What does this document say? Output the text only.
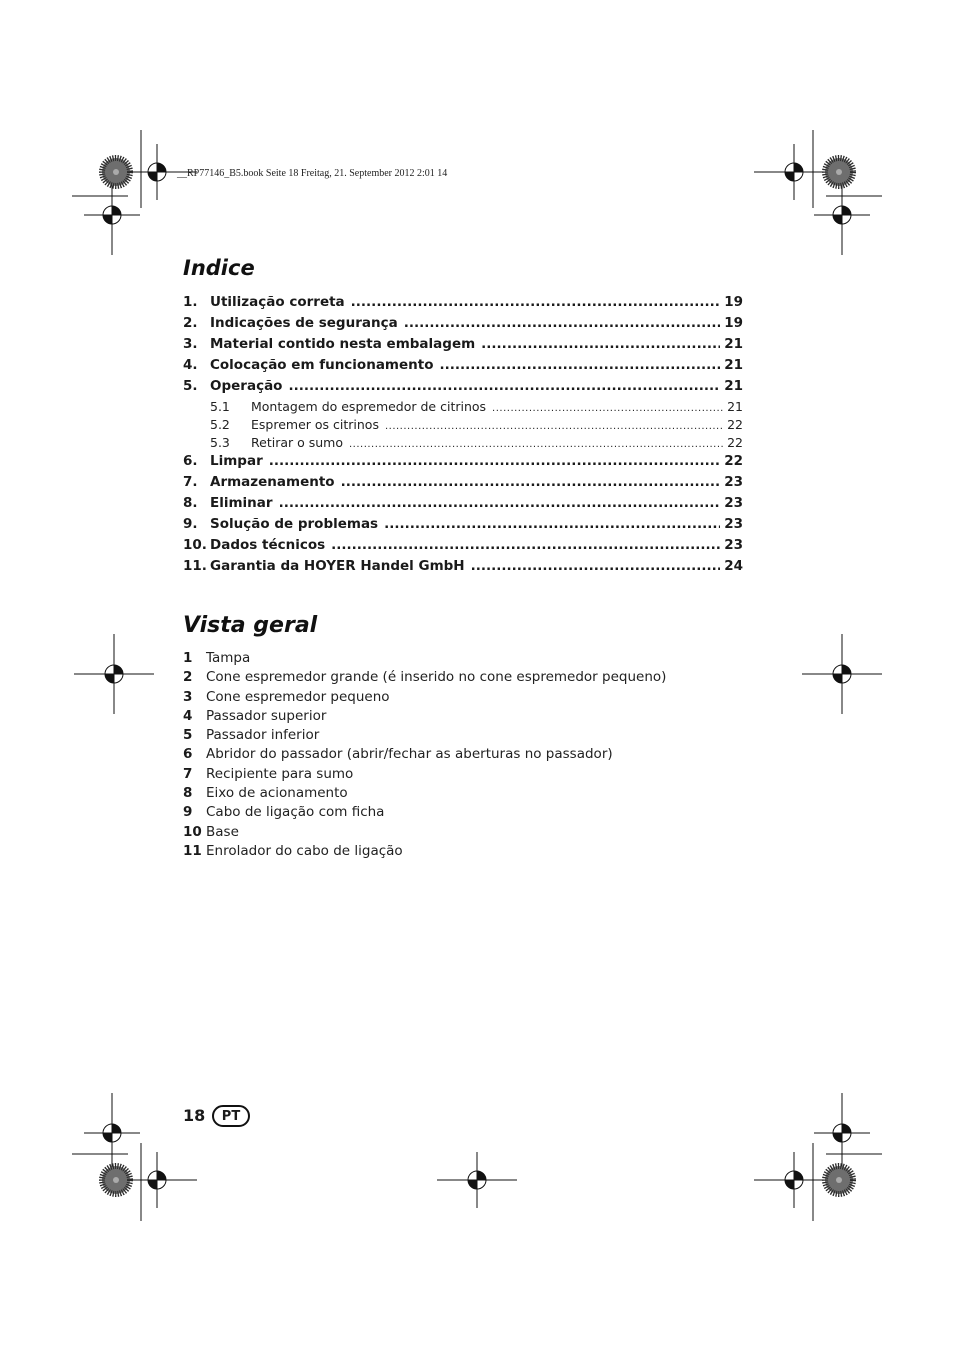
__RP77146_B5.book Seite 18 Freitag, 21. September 2012 2:01 14
Indice
1. Utilização correta .....	19
2. Indicações de segurança .....	19
3. Material contido nesta embalagem .....	21
4. Colocação em funcionamento .....	21
5. Operação .....	21
5.1	Montagem do espremedor de citrinos .....	21
5.2	Espremer os citrinos .....	22
5.3	Retirar o sumo .....	22
6. Limpar .....	22
7. Armazenamento .....	23
8. Eliminar .....	23
9. Solução de problemas .....	23
10. Dados técnicos .....	23
11. Garantia da HOYER Handel GmbH .....	24
Vista geral
1	Tampa
2	Cone espremedor grande (é inserido no cone espremedor pequeno)
3	Cone espremedor pequeno
4	Passador superior
5	Passador inferior
6	Abridor do passador (abrir/fechar as aberturas no passador)
7	Recipiente para sumo
8	Eixo de acionamento
9	Cabo de ligação com ficha
10 Base
11 Enrolador do cabo de ligação
18	PT
